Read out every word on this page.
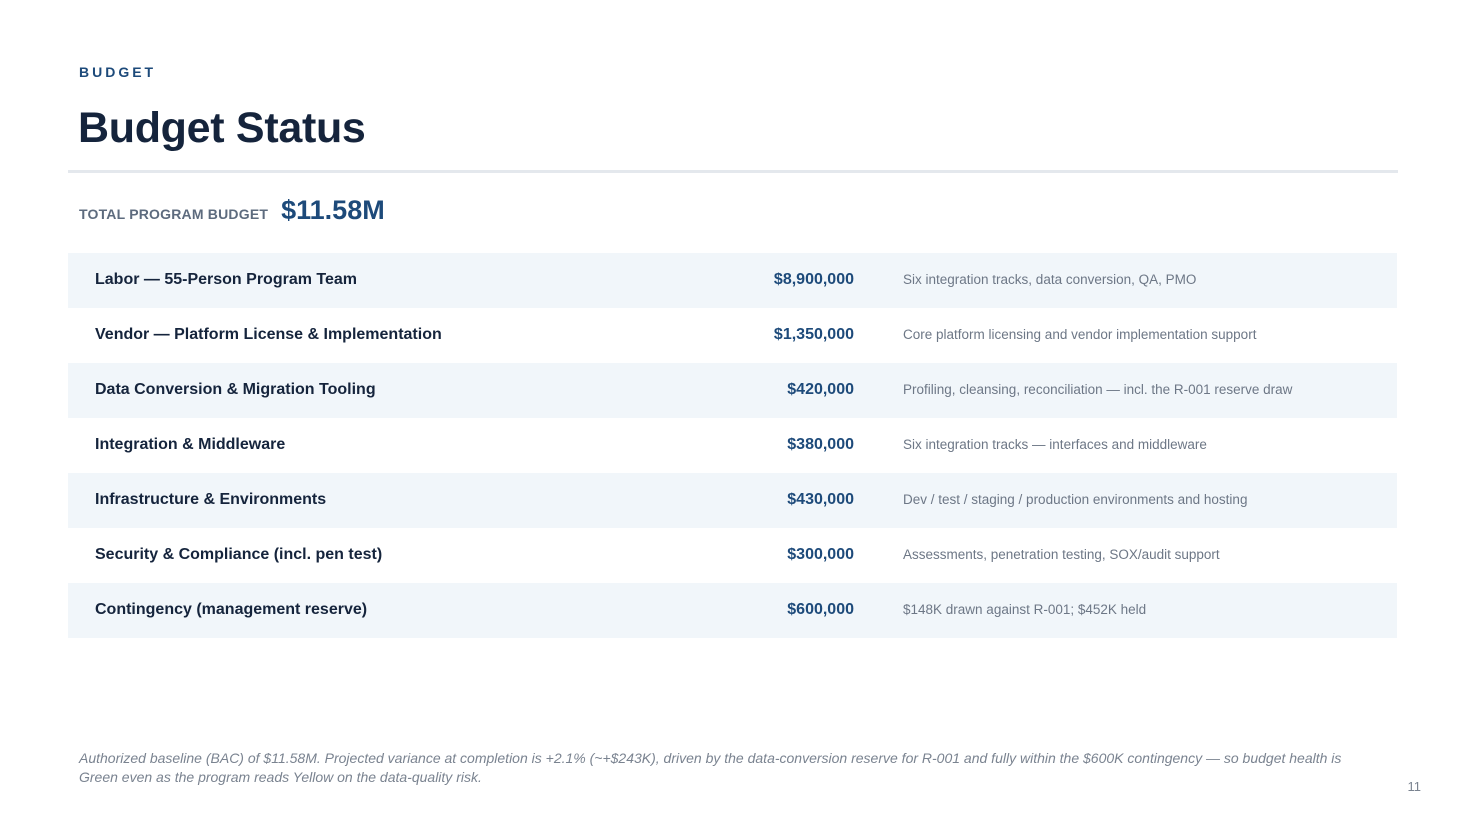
BUDGET
Budget Status
TOTAL PROGRAM BUDGET $11.58M
Labor — 55-Person Program Team	$8,900,000	Six integration tracks, data conversion, QA, PMO
Vendor — Platform License & Implementation	$1,350,000	Core platform licensing and vendor implementation support
Data Conversion & Migration Tooling	$420,000	Profiling, cleansing, reconciliation — incl. the R-001 reserve draw
Integration & Middleware	$380,000	Six integration tracks — interfaces and middleware
Infrastructure & Environments	$430,000	Dev / test / staging / production environments and hosting
Security & Compliance (incl. pen test)	$300,000	Assessments, penetration testing, SOX/audit support
Contingency (management reserve)	$600,000	$148K drawn against R-001; $452K held
Authorized baseline (BAC) of $11.58M. Projected variance at completion is +2.1% (~+$243K), driven by the data-conversion reserve for R-001 and fully within the $600K contingency — so budget health is Green even as the program reads Yellow on the data-quality risk.
11
